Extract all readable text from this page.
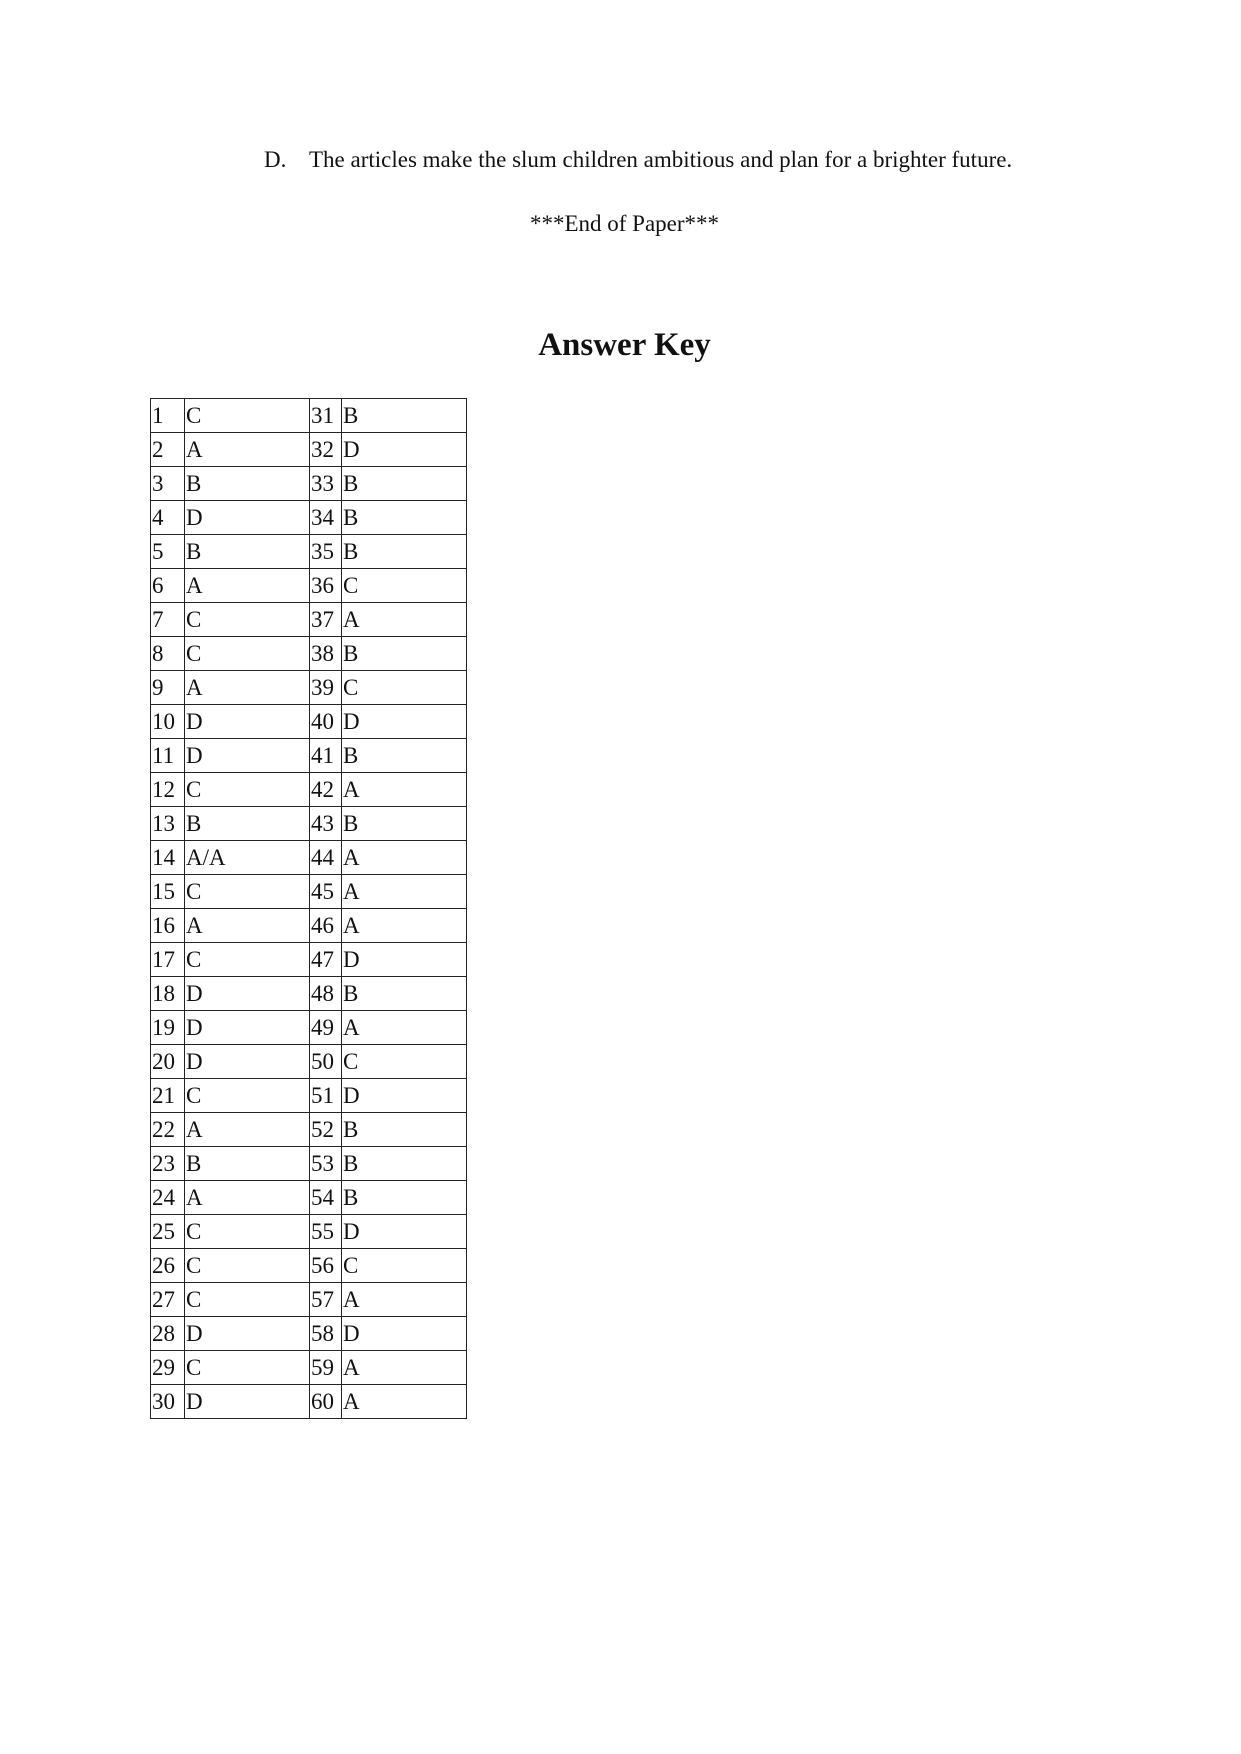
D. The articles make the slum children ambitious and plan for a brighter future.
***End of Paper***
Answer Key
1	C	31	B
2	A	32	D
3	B	33	B
4	D	34	B
5	B	35	B
6	A	36	C
7	C	37	A
8	C	38	B
9	A	39	C
10	D	40	D
11	D	41	B
12	C	42	A
13	B	43	B
14	A/A	44	A
15	C	45	A
16	A	46	A
17	C	47	D
18	D	48	B
19	D	49	A
20	D	50	C
21	C	51	D
22	A	52	B
23	B	53	B
24	A	54	B
25	C	55	D
26	C	56	C
27	C	57	A
28	D	58	D
29	C	59	A
30	D	60	A
